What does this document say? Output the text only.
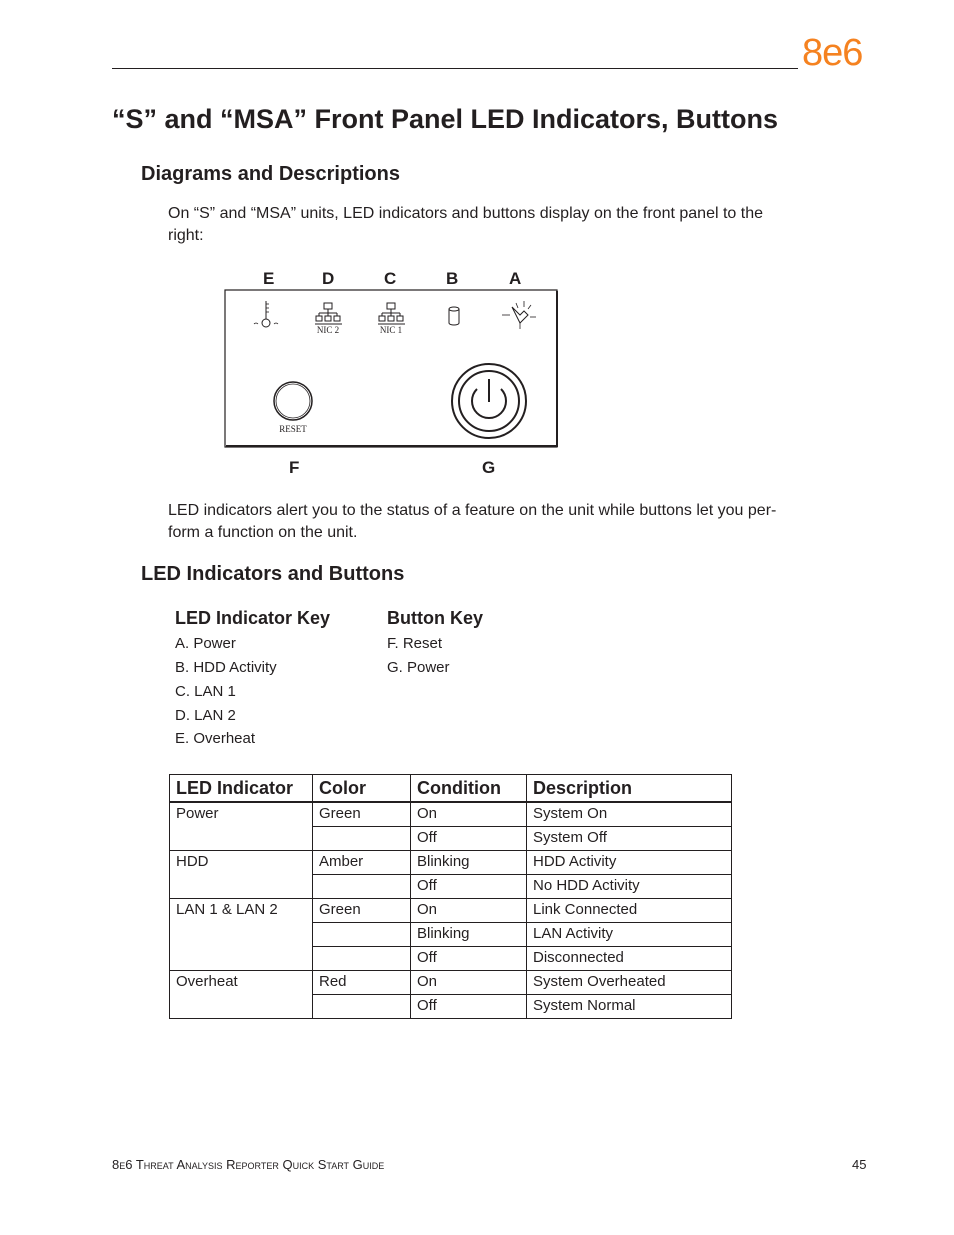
8e6
“S” and “MSA” Front Panel LED Indicators, Buttons
Diagrams and Descriptions

On “S” and “MSA” units, LED indicators and buttons display on the front panel to the
right:

E	D	C	B	A
NIC 2	NIC 1
RESET
F	G

LED indicators alert you to the status of a feature on the unit while buttons let you per-
form a function on the unit.

LED Indicators and Buttons
LED Indicator Key
A. Power
B. HDD Activity
C. LAN 1
D. LAN 2
E. Overheat
Button Key
F. Reset
G. Power
LED Indicator	Color	Condition	Description
Power	Green	On	System On
		Off	System Off
HDD	Amber	Blinking	HDD Activity
		Off	No HDD Activity
LAN 1 & LAN 2	Green	On	Link Connected
		Blinking	LAN Activity
		Off	Disconnected
Overheat	Red	On	System Overheated
		Off	System Normal
8e6 Threat Analysis Reporter Quick Start Guide	45
